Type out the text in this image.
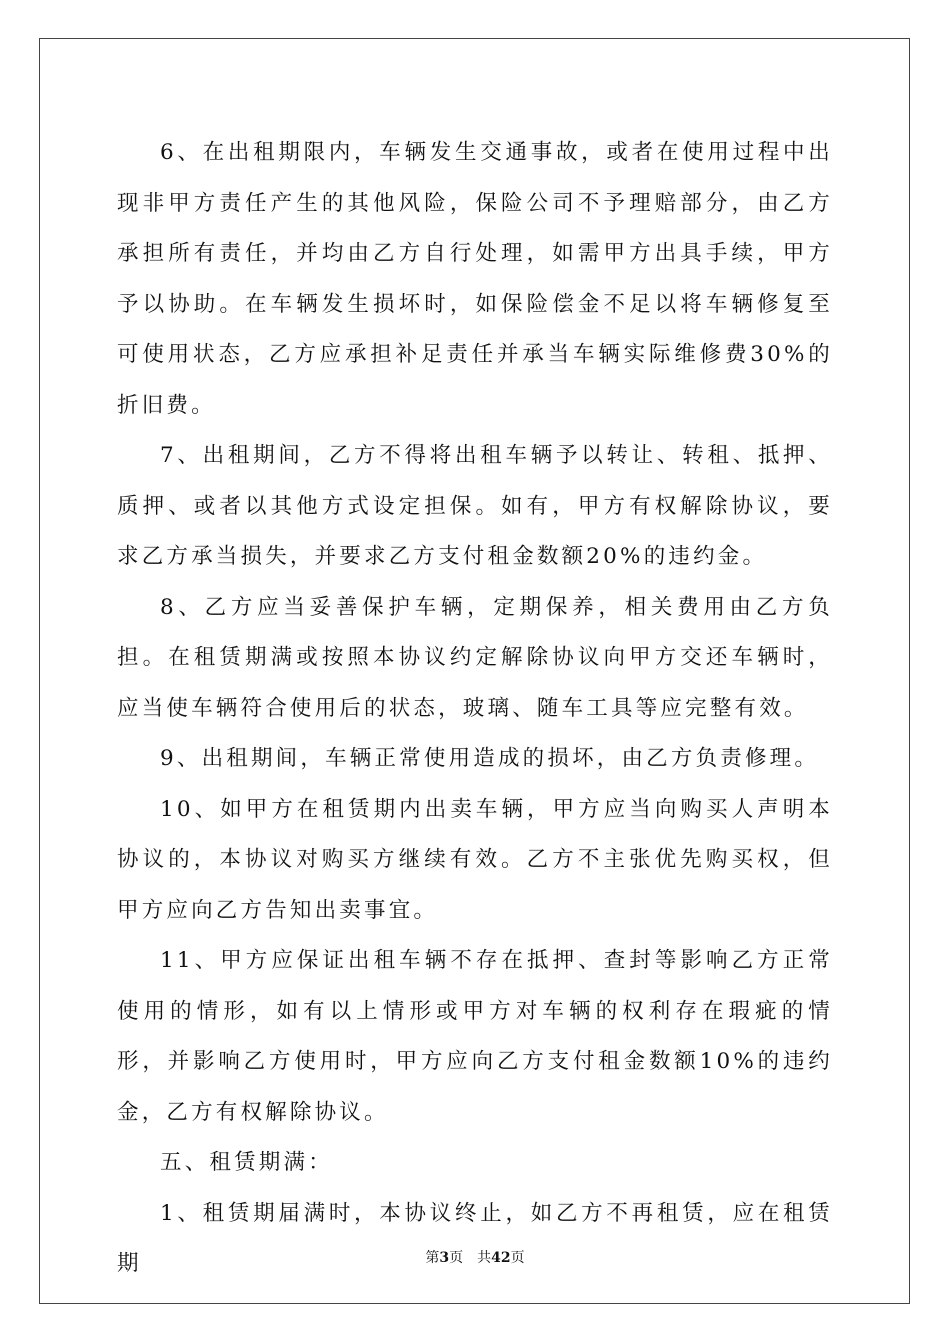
6、在出租期限内，车辆发生交通事故，或者在使用过程中出现非甲方责任产生的其他风险，保险公司不予理赔部分，由乙方承担所有责任，并均由乙方自行处理，如需甲方出具手续，甲方予以协助。在车辆发生损坏时，如保险偿金不足以将车辆修复至可使用状态，乙方应承担补足责任并承当车辆实际维修费30%的折旧费。

7、出租期间，乙方不得将出租车辆予以转让、转租、抵押、质押、或者以其他方式设定担保。如有，甲方有权解除协议，要求乙方承当损失，并要求乙方支付租金数额20%的违约金。

8、乙方应当妥善保护车辆，定期保养，相关费用由乙方负担。在租赁期满或按照本协议约定解除协议向甲方交还车辆时，应当使车辆符合使用后的状态，玻璃、随车工具等应完整有效。

9、出租期间，车辆正常使用造成的损坏，由乙方负责修理。

10、如甲方在租赁期内出卖车辆，甲方应当向购买人声明本协议的，本协议对购买方继续有效。乙方不主张优先购买权，但甲方应向乙方告知出卖事宜。

11、甲方应保证出租车辆不存在抵押、查封等影响乙方正常使用的情形，如有以上情形或甲方对车辆的权利存在瑕疵的情形，并影响乙方使用时，甲方应向乙方支付租金数额10%的违约金，乙方有权解除协议。

五、租赁期满：

1、租赁期届满时，本协议终止，如乙方不再租赁，应在租赁期	第3页 共42页
